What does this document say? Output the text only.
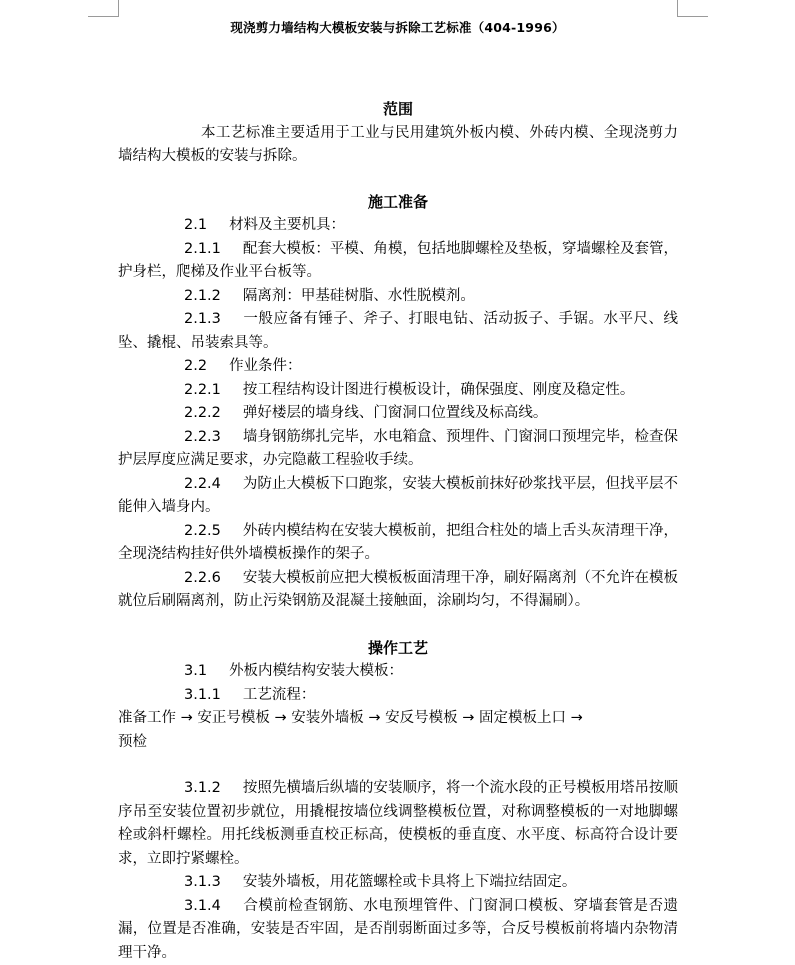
现浇剪力墙结构大模板安装与拆除工艺标准（404-1996）
范围

本工艺标准主要适用于工业与民用建筑外板内模、外砖内模、全现浇剪力墙结构大模板的安装与拆除。

施工准备

2.1 材料及主要机具：

2.1.1 配套大模板：平模、角模，包括地脚螺栓及垫板，穿墙螺栓及套管，护身栏，爬梯及作业平台板等。

2.1.2 隔离剂：甲基硅树脂、水性脱模剂。

2.1.3 一般应备有锤子、斧子、打眼电钻、活动扳子、手锯。水平尺、线坠、撬棍、吊装索具等。

2.2 作业条件：

2.2.1 按工程结构设计图进行模板设计，确保强度、刚度及稳定性。

2.2.2 弹好楼层的墙身线、门窗洞口位置线及标高线。

2.2.3 墙身钢筋绑扎完毕，水电箱盒、预埋件、门窗洞口预埋完毕，检查保护层厚度应满足要求，办完隐蔽工程验收手续。

2.2.4 为防止大模板下口跑浆，安装大模板前抹好砂浆找平层，但找平层不能伸入墙身内。

2.2.5 外砖内模结构在安装大模板前，把组合柱处的墙上舌头灰清理干净，全现浇结构挂好供外墙模板操作的架子。

2.2.6 安装大模板前应把大模板板面清理干净，刷好隔离剂（不允许在模板就位后刷隔离剂，防止污染钢筋及混凝土接触面，涂刷均匀，不得漏刷）。

操作工艺

3.1 外板内模结构安装大模板：

3.1.1 工艺流程：

准备工作 → 安正号模板 → 安装外墙板 → 安反号模板 → 固定模板上口 →

预检

3.1.2 按照先横墙后纵墙的安装顺序，将一个流水段的正号模板用塔吊按顺序吊至安装位置初步就位，用撬棍按墙位线调整模板位置，对称调整模板的一对地脚螺栓或斜杆螺栓。用托线板测垂直校正标高，使模板的垂直度、水平度、标高符合设计要求，立即拧紧螺栓。

3.1.3 安装外墙板，用花篮螺栓或卡具将上下端拉结固定。

3.1.4 合模前检查钢筋、水电预埋管件、门窗洞口模板、穿墙套管是否遗漏，位置是否准确，安装是否牢固，是否削弱断面过多等，合反号模板前将墙内杂物清理干净。
